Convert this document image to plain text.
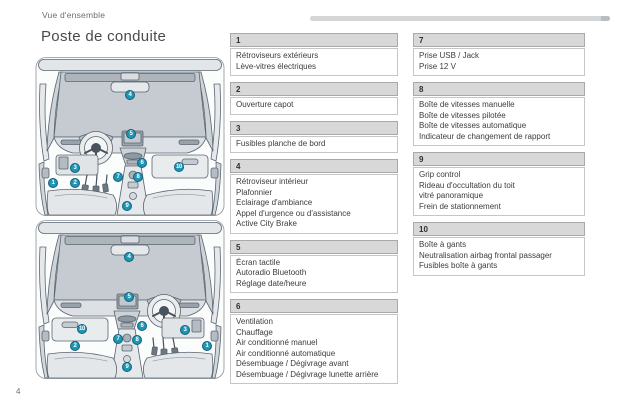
Vue d'ensemble
Poste de conduite
1	2
3
4
5
6
7	8
9
10
1
2
3
4
5
6
7	8
9
10
1
Rétroviseurs extérieurs
Lève-vitres électriques
2
Ouverture capot
3
Fusibles planche de bord
4
Rétroviseur intérieur
Plafonnier
Eclairage d'ambiance
Appel d'urgence ou d'assistance
Active City Brake
5
Écran tactile
Autoradio Bluetooth
Réglage date/heure
6
Ventilation
Chauffage
Air conditionné manuel
Air conditionné automatique
Désembuage / Dégivrage avant
Désembuage / Dégivrage lunette arrière
7
Prise USB / Jack
Prise 12 V
8
Boîte de vitesses manuelle
Boîte de vitesses pilotée
Boîte de vitesses automatique
Indicateur de changement de rapport
9
Grip control
Rideau d'occultation du toit
vitré panoramique
Frein de stationnement
10
Boîte à gants
Neutralisation airbag frontal passager
Fusibles boîte à gants
4
